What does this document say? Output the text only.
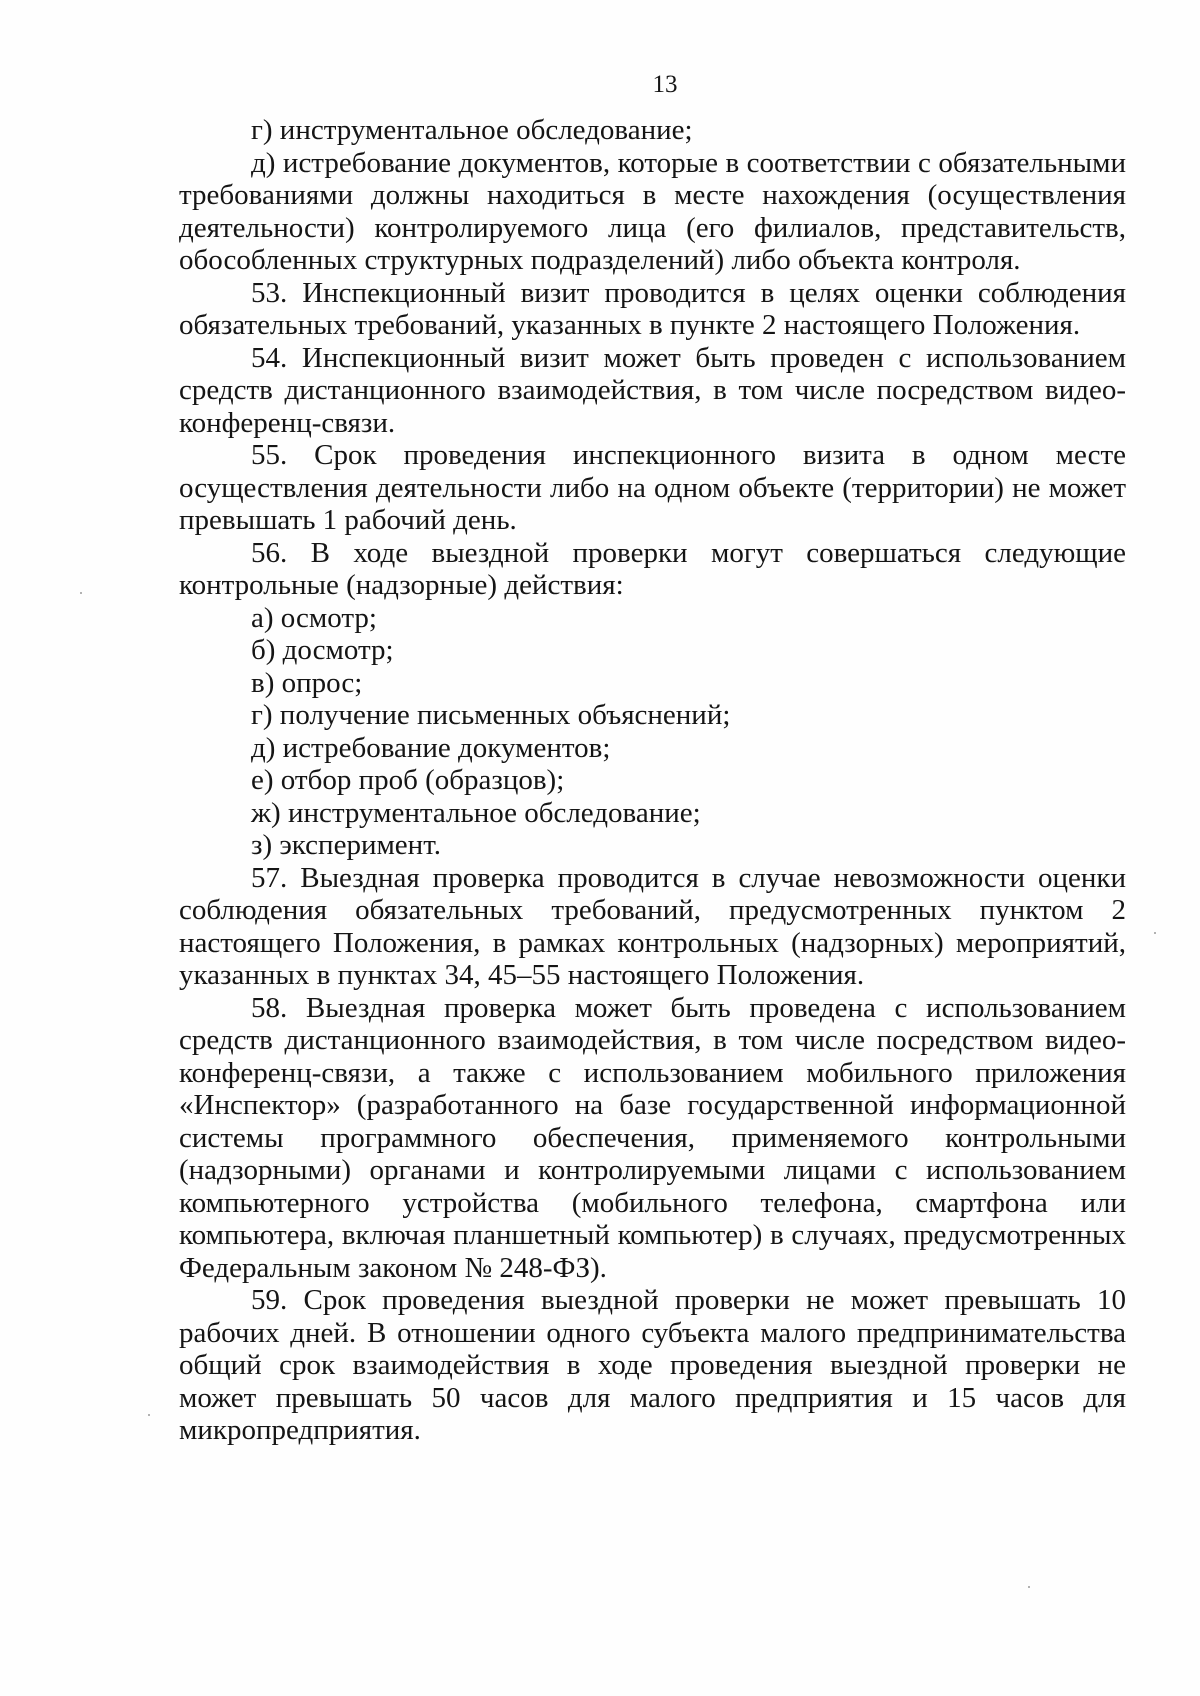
13

г) инструментальное обследование;

д) истребование документов, которые в соответствии с обязательными требованиями должны находиться в месте нахождения (осуществления деятельности) контролируемого лица (его филиалов, представительств, обособленных структурных подразделений) либо объекта контроля.

53. Инспекционный визит проводится в целях оценки соблюдения обязательных требований, указанных в пункте 2 настоящего Положения.

54. Инспекционный визит может быть проведен с использованием средств дистанционного взаимодействия, в том числе посредством видео-конференц-связи.

55. Срок проведения инспекционного визита в одном месте осуществления деятельности либо на одном объекте (территории) не может превышать 1 рабочий день.

56. В ходе выездной проверки могут совершаться следующие контрольные (надзорные) действия:

а) осмотр;

б) досмотр;

в) опрос;

г) получение письменных объяснений;

д) истребование документов;

е) отбор проб (образцов);

ж) инструментальное обследование;

з) эксперимент.

57. Выездная проверка проводится в случае невозможности оценки соблюдения обязательных требований, предусмотренных пунктом 2 настоящего Положения, в рамках контрольных (надзорных) мероприятий, указанных в пунктах 34, 45–55 настоящего Положения.

58. Выездная проверка может быть проведена с использованием средств дистанционного взаимодействия, в том числе посредством видео-конференц-связи, а также с использованием мобильного приложения «Инспектор» (разработанного на базе государственной информационной системы программного обеспечения, применяемого контрольными (надзорными) органами и контролируемыми лицами с использованием компьютерного устройства (мобильного телефона, смартфона или компьютера, включая планшетный компьютер) в случаях, предусмотренных Федеральным законом № 248-ФЗ).

59. Срок проведения выездной проверки не может превышать 10 рабочих дней. В отношении одного субъекта малого предпринимательства общий срок взаимодействия в ходе проведения выездной проверки не может превышать 50 часов для малого предприятия и 15 часов для микропредприятия.
